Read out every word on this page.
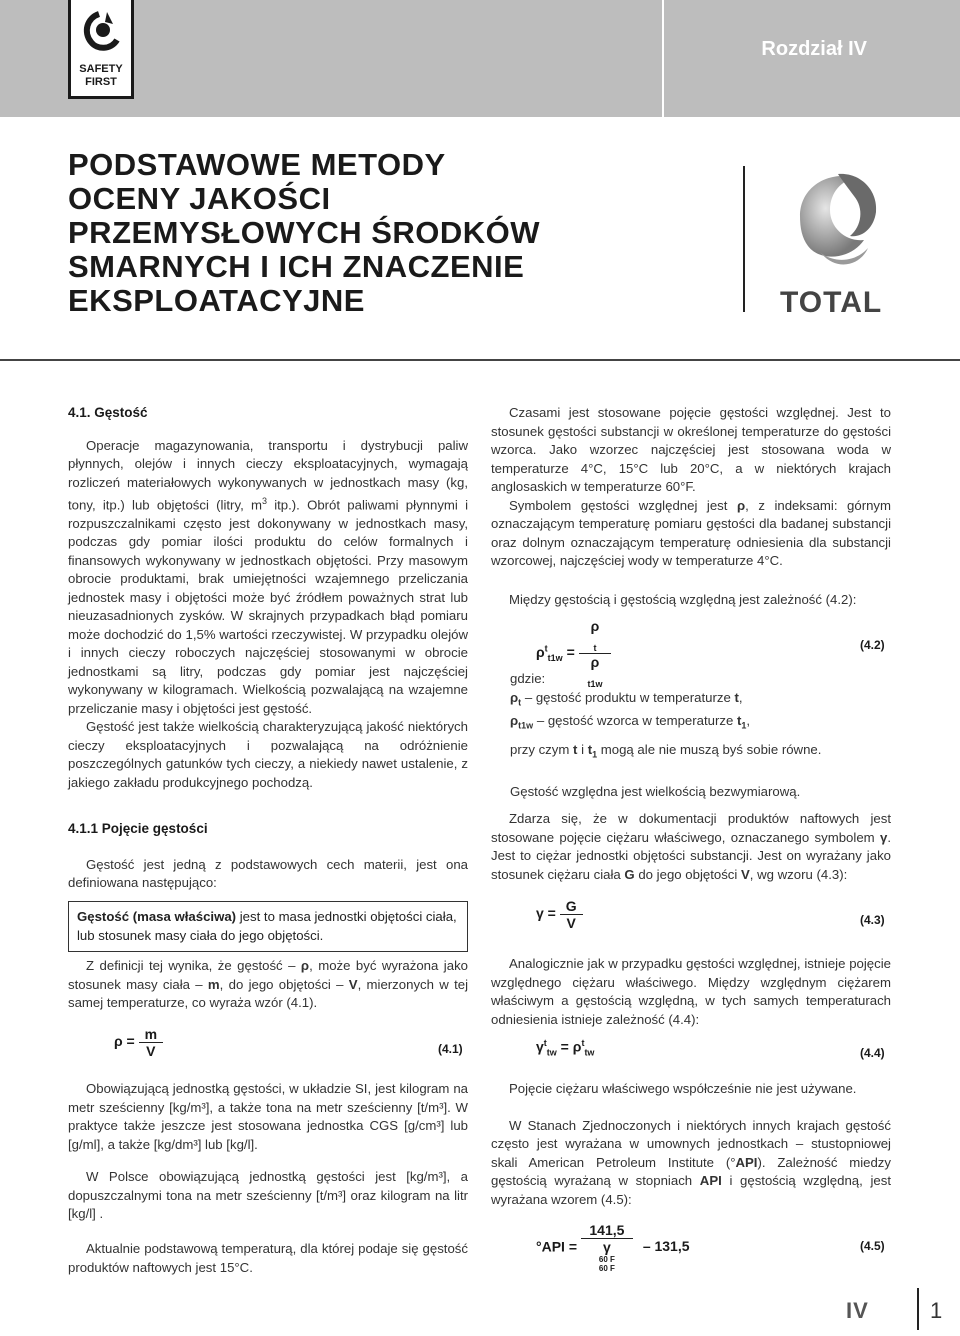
SAFETY
FIRST
Rozdział IV
PODSTAWOWE METODY
OCENY JAKOŚCI
PRZEMYSŁOWYCH ŚRODKÓW
SMARNYCH I ICH ZNACZENIE
EKSPLOATACYJNE	TOTAL
4.1. Gęstość

Operacje magazynowania, transportu i dystrybucji paliw płynnych, olejów i innych cieczy eksploatacyjnych, wymagają rozliczeń materiałowych wykonywanych w jednostkach masy (kg, tony, itp.) lub objętości (litry, $m^3$ itp.). Obrót paliwami płynnymi i rozpuszczalnikami często jest dokonywany w jednostkach masy, podczas gdy pomiar ilości produktu do celów formalnych i finansowych wykonywany w jednostkach objętości. Przy masowym obrocie produktami, brak umiejętności wzajemnego przeliczania jednostek masy i objętości może być źródłem poważnych strat lub nieuzasadnionych zysków. W skrajnych przypadkach błąd pomiaru może dochodzić do 1,5% wartości rzeczywistej. W przypadku olejów i innych cieczy roboczych najczęściej stosowanymi w obrocie jednostkami są litry, podczas gdy pomiar jest najczęściej wykonywany w kilogramach. Wielkością pozwalającą na wzajemne przeliczanie masy i objętości jest gęstość.

Gęstość jest także wielkością charakteryzującą jakość niektórych cieczy eksploatacyjnych i pozwalającą na odróżnienie poszczególnych gatunków tych cieczy, a niekiedy nawet ustalenie, z jakiego zakładu produkcyjnego pochodzą.

4.1.1 Pojęcie gęstości

Gęstość jest jedną z podstawowych cech materii, jest ona definiowana następująco:

Gęstość (masa właściwa) jest to masa jednostki objętości ciała, lub stosunek masy ciała do jego objętości.

Z definicji tej wynika, że gęstość – ρ, może być wyrażona jako stosunek masy ciała – m, do jego objętości – V, mierzonych w tej samej temperaturze, co wyraża wzór (4.1).

$\rho = \frac{m}{V}$	(4.1)

Obowiązującą jednostką gęstości, w układzie SI, jest kilogram na metr sześcienny [kg/m³], a także tona na metr sześcienny [t/m³]. W praktyce także jeszcze jest stosowana jednostka CGS [g/cm³] lub [g/ml], a także [kg/dm³] lub [kg/l].

W Polsce obowiązującą jednostką gęstości jest [kg/m³], a dopuszczalnymi tona na metr sześcienny [t/m³] oraz kilogram na litr [kg/l] .

Aktualnie podstawową temperaturą, dla której podaje się gęstość produktów naftowych jest 15°C.

Czasami jest stosowane pojęcie gęstości względnej. Jest to stosunek gęstości substancji w określonej temperaturze do gęstości wzorca. Jako wzorzec najczęściej jest stosowana woda w temperaturze 4°C, 15°C lub 20°C, a w niektórych krajach anglosaskich w temperaturze 60°F.

Symbolem gęstości względnej jest ρ, z indeksami: górnym oznaczającym temperaturę pomiaru gęstości dla badanej substancji oraz dolnym oznaczającym temperaturę odniesienia dla substancji wzorcowej, najczęściej wody w temperaturze 4°C.

Między gęstością i gęstością względną jest zależność (4.2):

$\rho^t_{t1w} = \rho$
$_t$
ρ
$_{t1w}$	(4.2)
gdzie:
$\rho_t$ – gęstość produktu w temperaturze t,
$\rho_{t1w}$ – gęstość wzorca w temperaturze $t_1$,
przy czym t i $t_1$ mogą ale nie muszą byś sobie równe.
Gęstość względna jest wielkością bezwymiarową.

Zdarza się, że w dokumentacji produktów naftowych jest stosowane pojęcie ciężaru właściwego, oznaczanego symbolem γ. Jest to ciężar jednostki objętości substancji. Jest on wyrażany jako stosunek ciężaru ciała G do jego objętości V, wg wzoru (4.3):

$\gamma = \frac{G}{V}$	(4.3)

Analogicznie jak w przypadku gęstości względnej, istnieje pojęcie względnego ciężaru właściwego. Między względnym ciężarem właściwym a gęstością względną, w tych samych temperaturach odniesienia istnieje zależność (4.4):

$\gamma^t_{tw} = \rho^t_{tw}$	(4.4)

Pojęcie ciężaru właściwego współcześnie nie jest używane.

W Stanach Zjednoczonych i niektórych innych krajach gęstość często jest wyrażana w umownych jednostkach – stustopniowej skali American Petroleum Institute (°API). Zależność miedzy gęstością wyrażaną w stopniach API i gęstością względną, jest wyrażana wzorem (4.5):

°API = 141,5
γ
60 F
60 F – 131,5	(4.5)
IV	1
